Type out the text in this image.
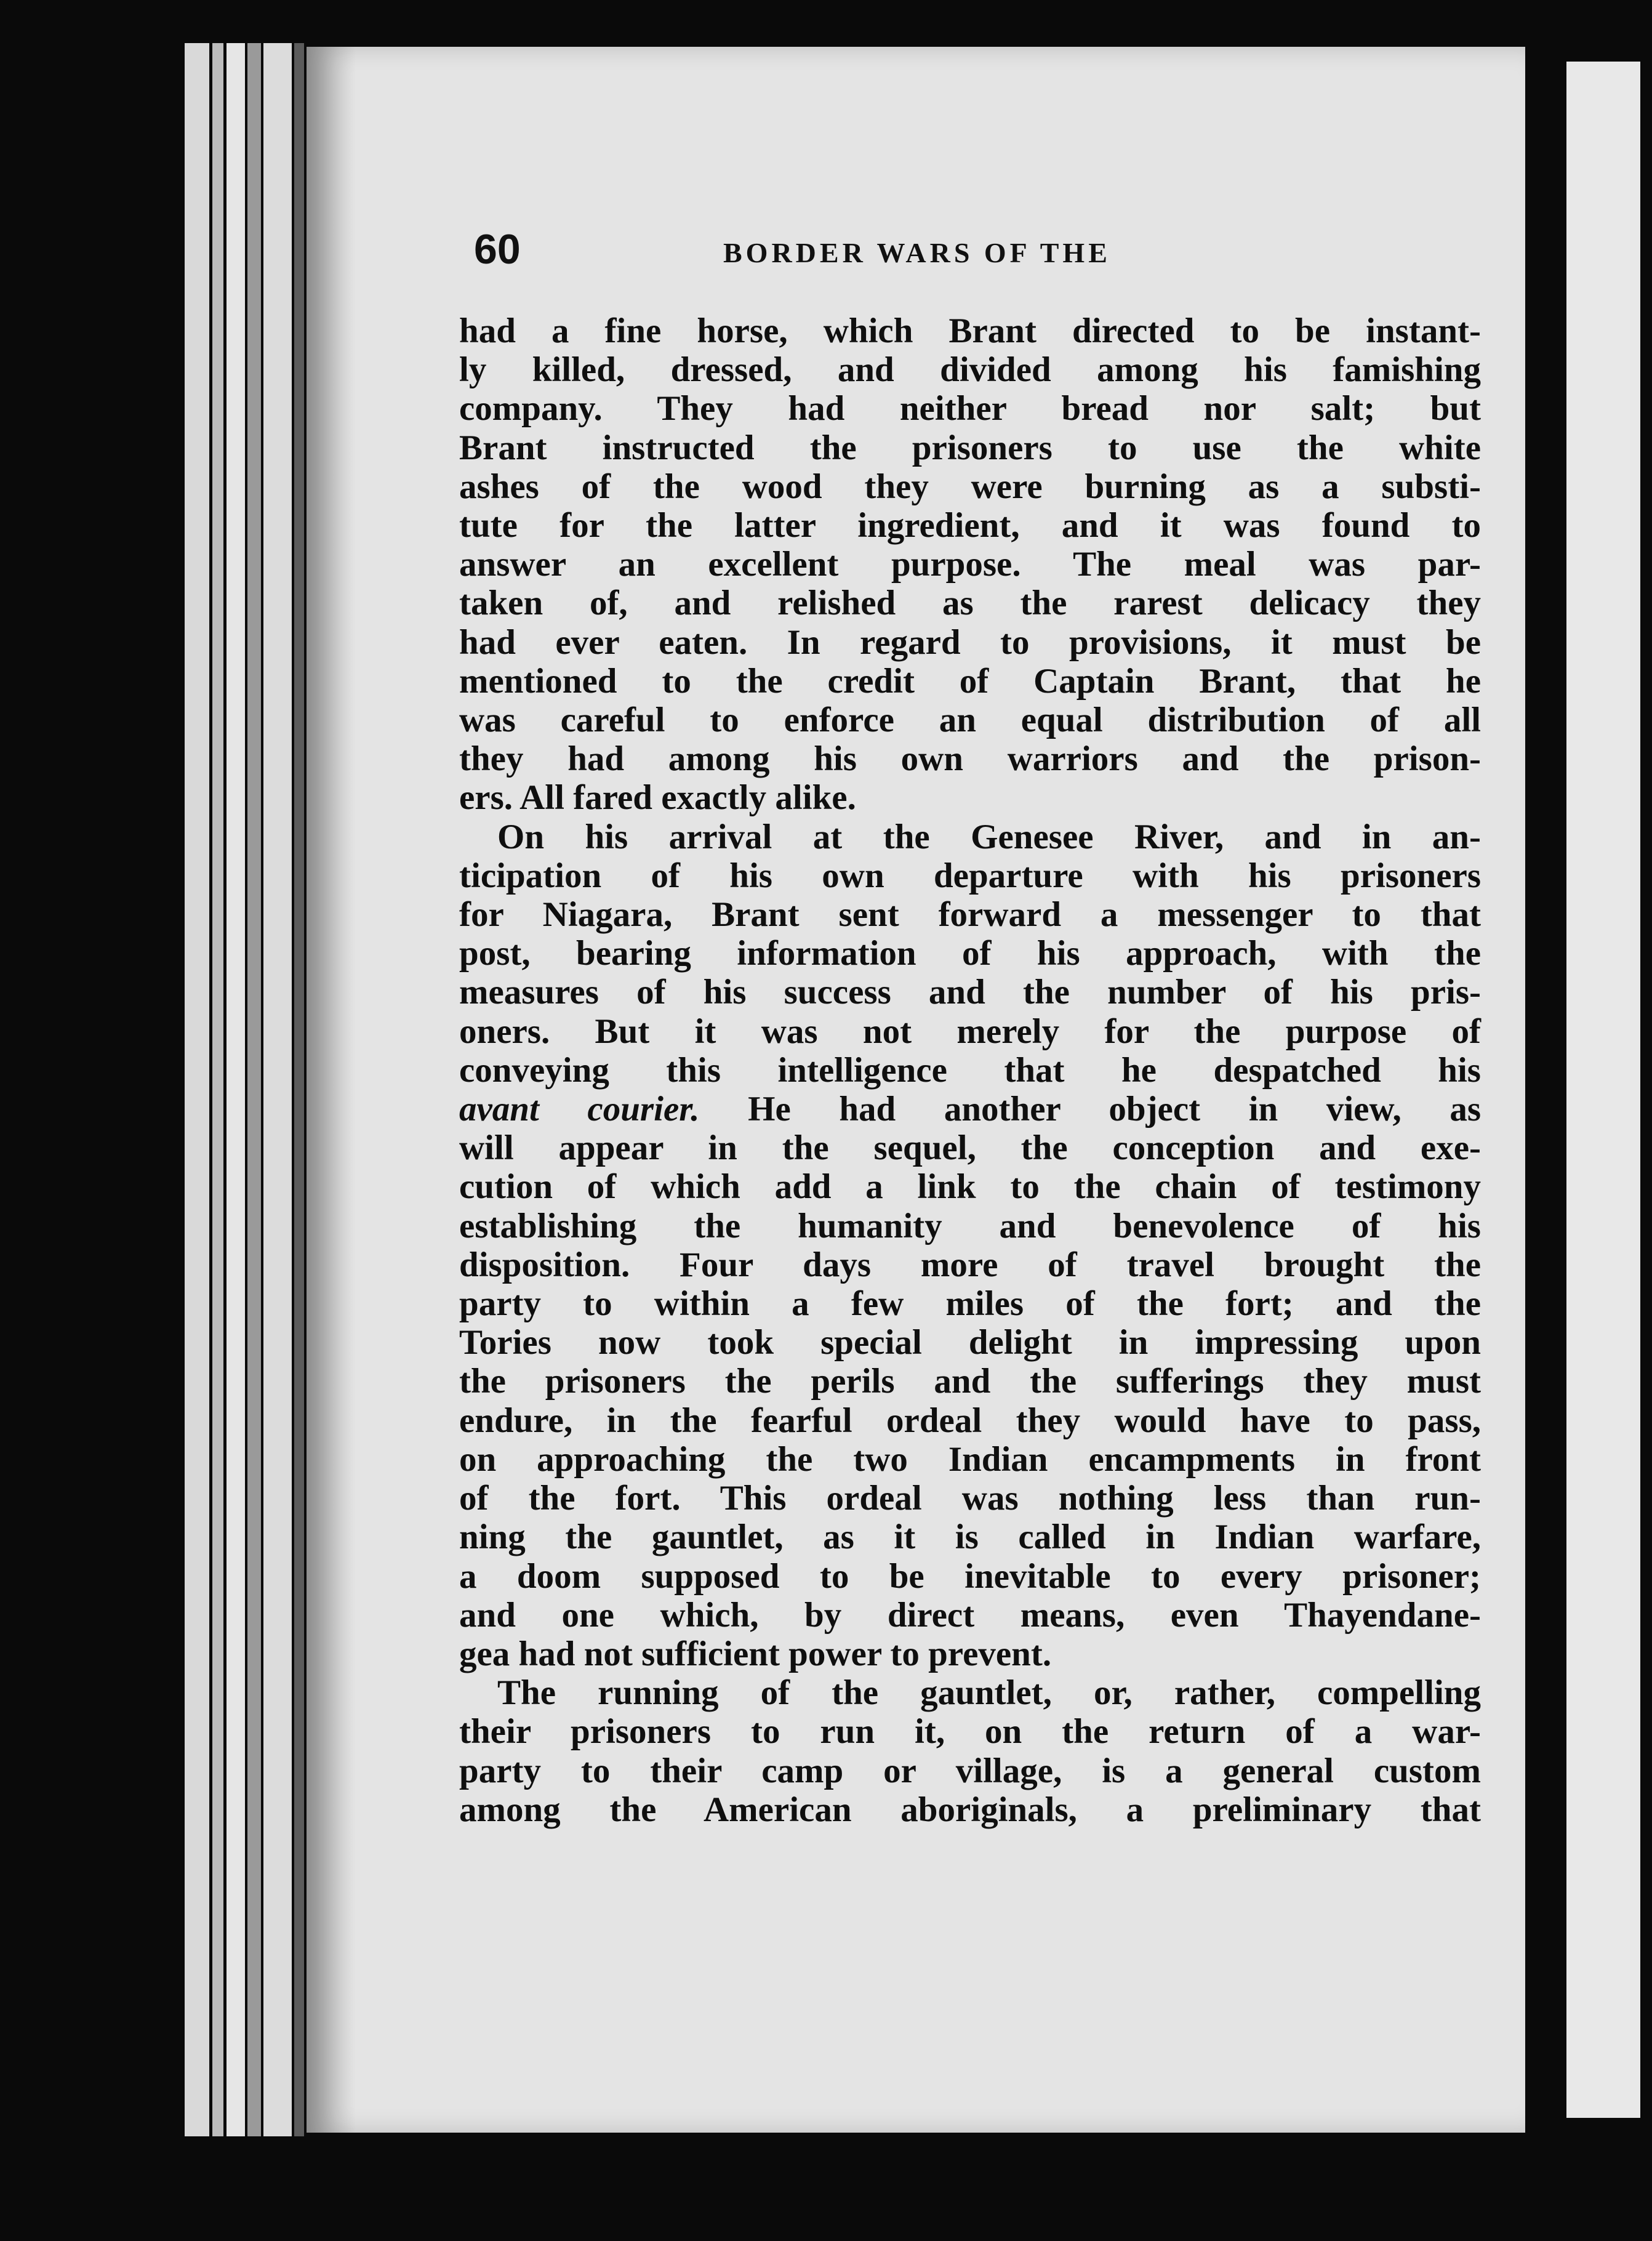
60	BORDER WARS OF THE
had a fine horse, which Brant directed to be instant-
ly killed, dressed, and divided among his famishing
company. They had neither bread nor salt; but
Brant instructed the prisoners to use the white
ashes of the wood they were burning as a substi-
tute for the latter ingredient, and it was found to
answer an excellent purpose. The meal was par-
taken of, and relished as the rarest delicacy they
had ever eaten. In regard to provisions, it must be
mentioned to the credit of Captain Brant, that he
was careful to enforce an equal distribution of all
they had among his own warriors and the prison-
ers. All fared exactly alike.
On his arrival at the Genesee River, and in an-
ticipation of his own departure with his prisoners
for Niagara, Brant sent forward a messenger to that
post, bearing information of his approach, with the
measures of his success and the number of his pris-
oners. But it was not merely for the purpose of
conveying this intelligence that he despatched his
avant courier. He had another object in view, as
will appear in the sequel, the conception and exe-
cution of which add a link to the chain of testimony
establishing the humanity and benevolence of his
disposition. Four days more of travel brought the
party to within a few miles of the fort; and the
Tories now took special delight in impressing upon
the prisoners the perils and the sufferings they must
endure, in the fearful ordeal they would have to pass,
on approaching the two Indian encampments in front
of the fort. This ordeal was nothing less than run-
ning the gauntlet, as it is called in Indian warfare,
a doom supposed to be inevitable to every prisoner;
and one which, by direct means, even Thayendane-
gea had not sufficient power to prevent.
The running of the gauntlet, or, rather, compelling
their prisoners to run it, on the return of a war-
party to their camp or village, is a general custom
among the American aboriginals, a preliminary that
